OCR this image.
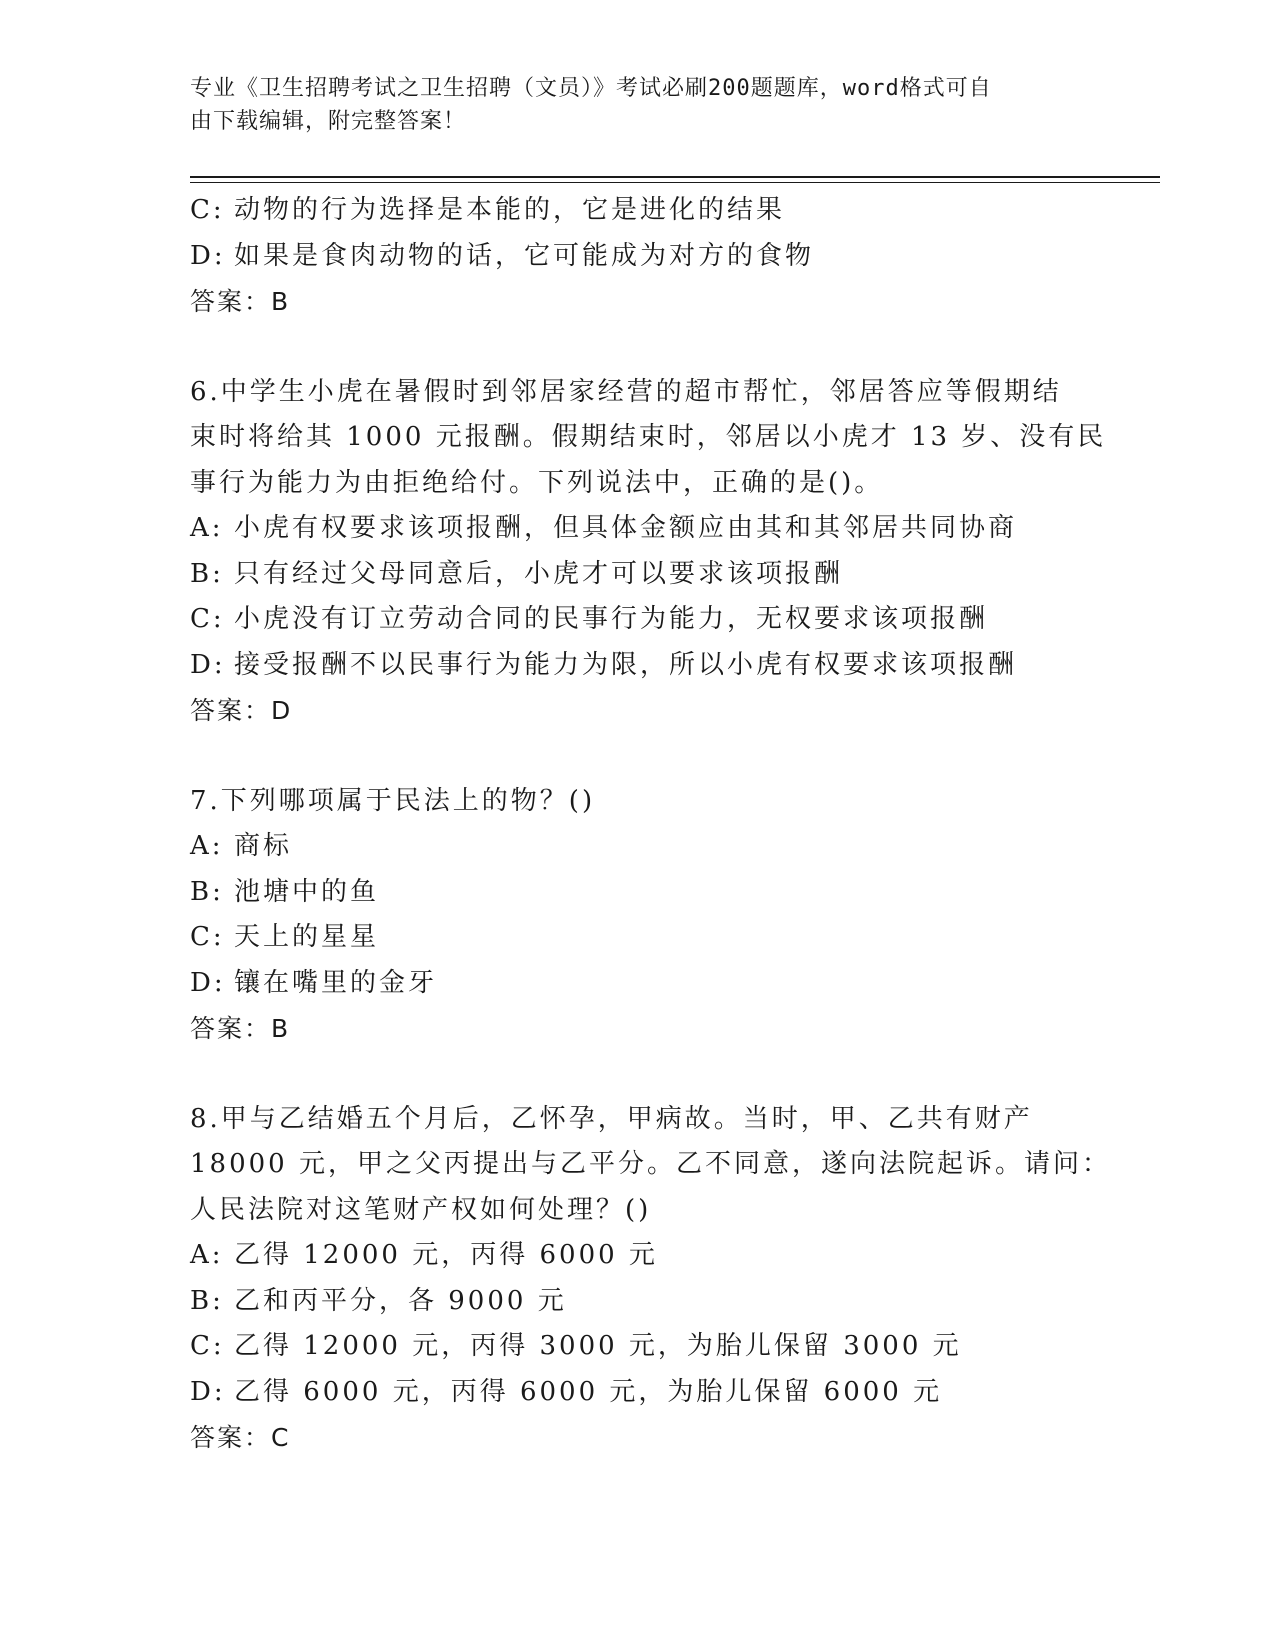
专业《卫生招聘考试之卫生招聘（文员）》考试必刷200题题库，word格式可自
由下载编辑，附完整答案！
C: 动物的行为选择是本能的，它是进化的结果
D: 如果是食肉动物的话，它可能成为对方的食物
答案：B
6.中学生小虎在暑假时到邻居家经营的超市帮忙，邻居答应等假期结
束时将给其 1000 元报酬。假期结束时，邻居以小虎才 13 岁、没有民
事行为能力为由拒绝给付。下列说法中，正确的是()。
A: 小虎有权要求该项报酬，但具体金额应由其和其邻居共同协商
B: 只有经过父母同意后，小虎才可以要求该项报酬
C: 小虎没有订立劳动合同的民事行为能力，无权要求该项报酬
D: 接受报酬不以民事行为能力为限，所以小虎有权要求该项报酬
答案：D
7.下列哪项属于民法上的物？()
A: 商标
B: 池塘中的鱼
C: 天上的星星
D: 镶在嘴里的金牙
答案：B
8.甲与乙结婚五个月后，乙怀孕，甲病故。当时，甲、乙共有财产
18000 元，甲之父丙提出与乙平分。乙不同意，遂向法院起诉。请问：
人民法院对这笔财产权如何处理？()
A: 乙得 12000 元，丙得 6000 元
B: 乙和丙平分，各 9000 元
C: 乙得 12000 元，丙得 3000 元，为胎儿保留 3000 元
D: 乙得 6000 元，丙得 6000 元，为胎儿保留 6000 元
答案：C
